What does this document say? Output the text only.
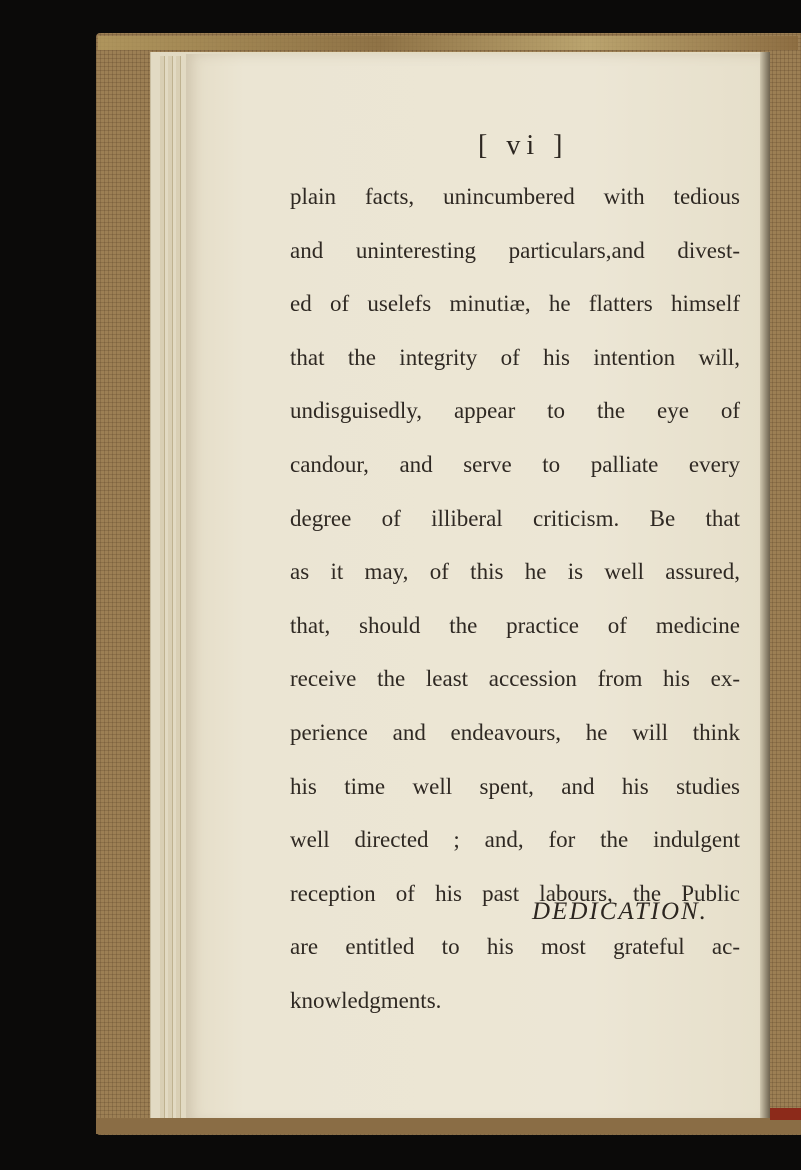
[ vi ]
plain facts, unincumbered with tedious
and uninteresting particulars,and divest-
ed of uselefs minutiæ, he flatters himself
that the integrity of his intention will,
undisguisedly, appear to the eye of
candour, and serve to palliate every
degree of illiberal criticism. Be that
as it may, of this he is well assured,
that, should the practice of medicine
receive the least accession from his ex-
perience and endeavours, he will think
his time well spent, and his studies
well directed ; and, for the indulgent
reception of his past labours, the Public
are entitled to his most grateful ac-
knowledgments.
DEDICATION.
